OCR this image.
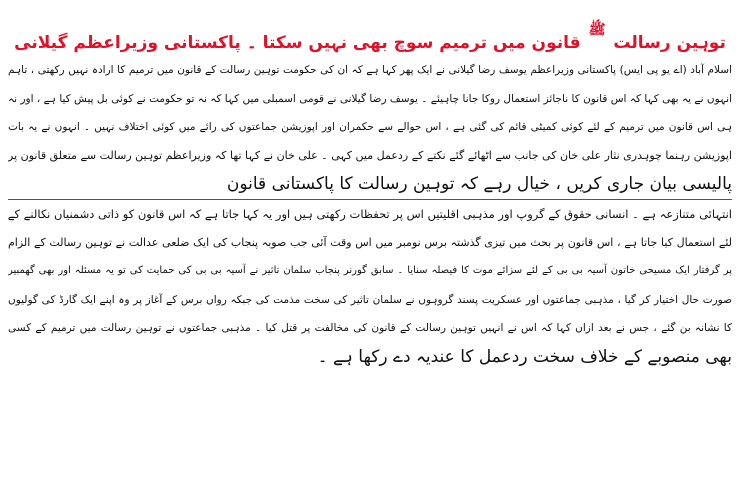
توہین رسالت $^ﷺ$ قانون میں ترمیم سوچ بھی نہیں سکتا ۔ پاکستانی وزیراعظم گیلانی

اسلام آباد (اے یو پی ایس) پاکستانی وزیراعظم یوسف رضا گیلانی نے ایک پھر کہا ہے کہ ان کی حکومت توہین رسالت کے قانون میں ترمیم کا ارادہ نہیں رکھتی ، تاہم

انہوں نے یہ بھی کہا کہ اس قانون کا ناجائز استعمال روکا جانا چاہیئے ۔ یوسف رضا گیلانی نے قومی اسمبلی میں کہا کہ نہ تو حکومت نے کوئی بل پیش کیا ہے ، اور نہ

ہی اس قانون میں ترمیم کے لئے کوئی کمیٹی قائم کی گئی ہے ، اس حوالے سے حکمران اور اپوزیشن جماعتوں کی رائے میں کوئی اختلاف نہیں ۔ انہوں نے یہ بات

اپوزیشن رہنما چوہدری نثار علی خان کی جانب سے اٹھائے گئے نکتے کے ردعمل میں کہی ۔ علی خان نے کہا تھا کہ وزیراعظم توہین رسالت سے متعلق قانون پر

پالیسی بیان جاری کریں ، خیال رہے کہ توہین رسالت کا پاکستانی قانون

انتہائی متنازعہ ہے ۔ انسانی حقوق کے گروپ اور مذہبی اقلیتیں اس پر تحفظات رکھتی ہیں اور یہ کہا جاتا ہے کہ اس قانون کو ذاتی دشمنیاں نکالنے کے

لئے استعمال کیا جاتا ہے ، اس قانون پر بحث میں تیزی گذشتہ برس نومبر میں اس وقت آئی جب صوبہ پنجاب کی ایک ضلعی عدالت نے توہین رسالت کے الزام

پر گرفتار ایک مسیحی خاتون آسیہ بی بی کے لئے سزائے موت کا فیصلہ سنایا ۔ سابق گورنر پنجاب سلمان تاثیر نے آسیہ بی بی کی حمایت کی تو یہ مسئلہ اور بھی گھمبیر

صورت حال اختیار کر گیا ، مذہبی جماعتوں اور عسکریت پسند گروہوں نے سلمان تاثیر کی سخت مذمت کی جبکہ رواں برس کے آغاز پر وہ اپنے ایک گارڈ کی گولیوں

کا نشانہ بن گئے ، جس نے بعد ازاں کہا کہ اس نے انہیں توہین رسالت کے قانون کی مخالفت پر قتل کیا ۔ مذہبی جماعتوں نے توہین رسالت میں ترمیم کے کسی

بھی منصوبے کے خلاف سخت ردعمل کا عندیہ دے رکھا ہے ۔
